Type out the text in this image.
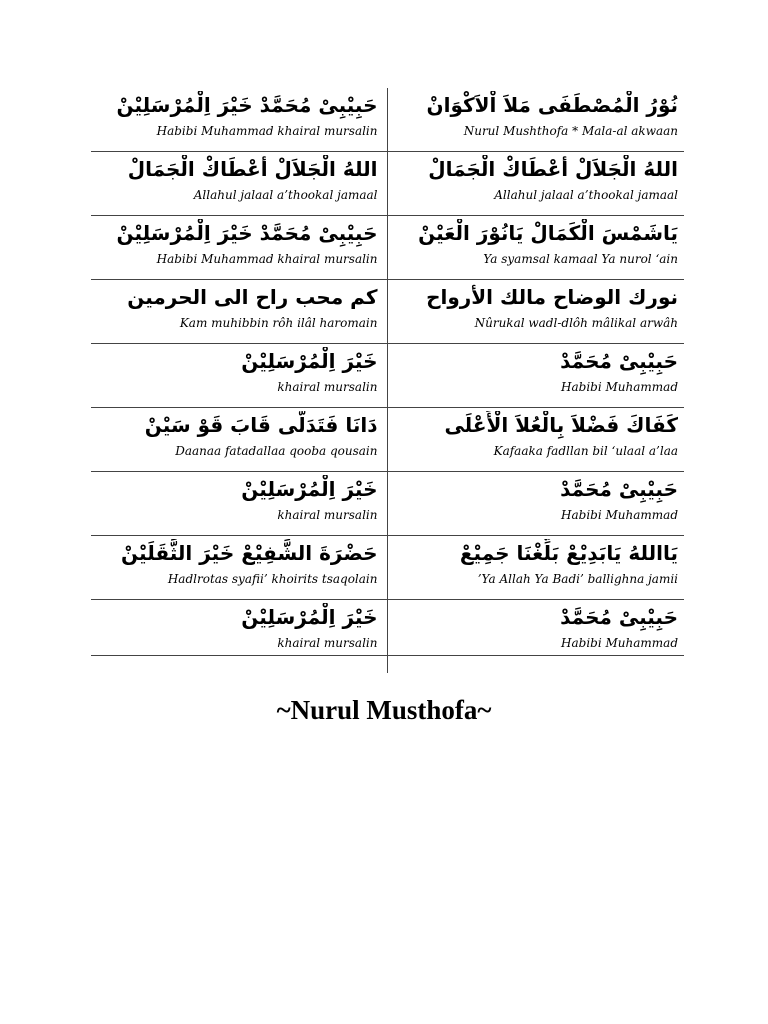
حَبِيْبِىْ مُحَمَّدْ خَيْرَ اِلْمُرْسَلِيْنْ
Habibi Muhammad khairal mursalin
نُوْرُ الْمُصْطَفَى مَلاَ اْلاَكْوَانْ
Nurul Mushthofa * Mala-al akwaan
اللهُ الْجَلاَلْ أَعْطَاكْ الْجَمَالْ
Allahul jalaal a’thookal jamaal
اللهُ الْجَلاَلْ أَعْطَاكْ الْجَمَالْ
Allahul jalaal a’thookal jamaal
حَبِيْبِىْ مُحَمَّدْ خَيْرَ اِلْمُرْسَلِيْنْ
Habibi Muhammad khairal mursalin
يَاشَمْسَ الْكَمَالْ يَانُوْرَ الْعَيْنْ
Ya syamsal kamaal Ya nurol ‘ain
كم محب راح الى الحرمين
Kam muhibbin rôh ilâl haromain
نورك الوضاح مالك الأرواح
Nûrukal wadl-dlôh mâlikal arwâh
خَيْرَ اِلْمُرْسَلِيْنْ
khairal mursalin
حَبِيْبِىْ مُحَمَّدْ
Habibi Muhammad
دَانَا فَتَدَلَّى قَابَ قَوْ سَيْنْ
Daanaa fatadallaa qooba qousain
كَفَاكَ فَضْلاَ بِالْعُلاَ الْأَعْلَى
Kafaaka fadllan bil ‘ulaal a’laa
خَيْرَ اِلْمُرْسَلِيْنْ
khairal mursalin
حَبِيْبِىْ مُحَمَّدْ
Habibi Muhammad
حَضْرَةَ الشَّفِيْعْ خَيْرَ الثَّقَلَيْنْ
Hadlrotas syafii’ khoirits tsaqolain
يَااللهُ يَابَدِيْعْ بَلِّغْنَا جَمِيْعْ
’Ya Allah Ya Badi’ ballighna jamii
خَيْرَ اِلْمُرْسَلِيْنْ
khairal mursalin
حَبِيْبِىْ مُحَمَّدْ
Habibi Muhammad
~Nurul Musthofa~
